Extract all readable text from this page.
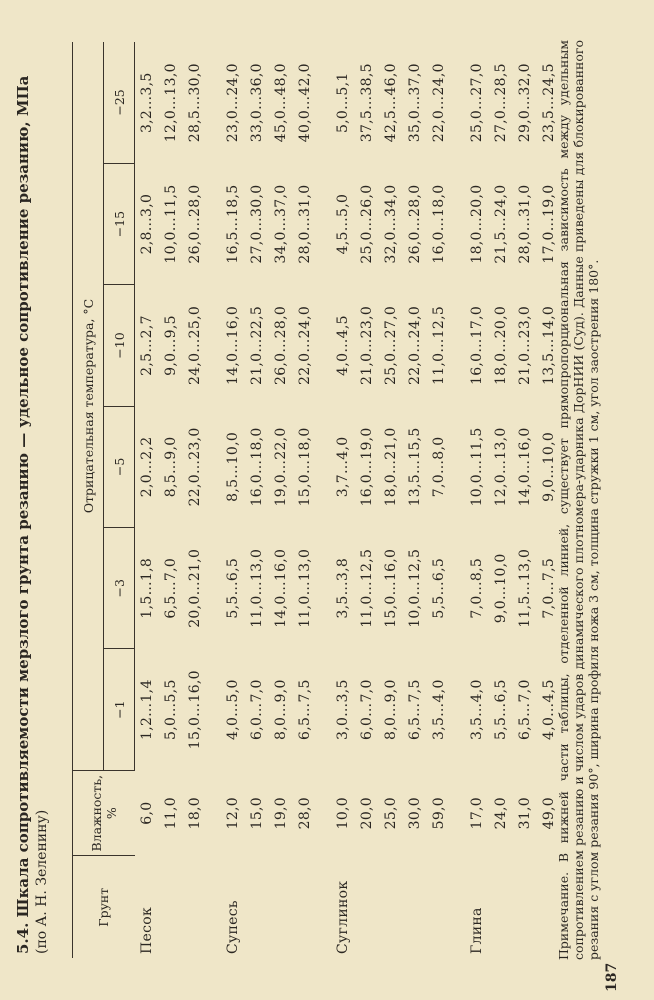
5.4. Шкала сопротивляемости мерзлого грунта резанию — удельное сопротивление резанию, МПа (по А. Н. Зеленину)	Грунт	Влажность, %	Отрицательная температура, °С					
		−1	−3	−5	−10	−15	−25
Песок	6,0	1,2…1,4	1,5…1,8	2,0…2,2	2,5…2,7	2,8…3,0	3,2…3,5
	11,0	5,0…5,5	6,5…7,0	8,5…9,0	9,0…9,5	10,0…11,5	12,0…13,0
	18,0	15,0…16,0	20,0…21,0	22,0…23,0	24,0…25,0	26,0…28,0	28,5…30,0
Супесь	12,0	4,0…5,0	5,5…6,5	8,5…10,0	14,0…16,0	16,5…18,5	23,0…24,0
	15,0	6,0…7,0	11,0…13,0	16,0…18,0	21,0…22,5	27,0…30,0	33,0…36,0
	19,0	8,0…9,0	14,0…16,0	19,0…22,0	26,0…28,0	34,0…37,0	45,0…48,0
	28,0	6,5…7,5	11,0…13,0	15,0…18,0	22,0…24,0	28,0…31,0	40,0…42,0
Суглинок	10,0	3,0…3,5	3,5…3,8	3,7…4,0	4,0…4,5	4,5…5,0	5,0…5,1
	20,0	6,0…7,0	11,0…12,5	16,0…19,0	21,0…23,0	25,0…26,0	37,5…38,5
	25,0	8,0…9,0	15,0…16,0	18,0…21,0	25,0…27,0	32,0…34,0	42,5…46,0
	30,0	6,5…7,5	10,0…12,5	13,5…15,5	22,0…24,0	26,0…28,0	35,0…37,0
	59,0	3,5…4,0	5,5…6,5	7,0…8,0	11,0…12,5	16,0…18,0	22,0…24,0
Глина	17,0	3,5…4,0	7,0…8,5	10,0…11,5	16,0…17,0	18,0…20,0	25,0…27,0
	24,0	5,5…6,5	9,0…10,0	12,0…13,0	18,0…20,0	21,5…24,0	27,0…28,5
	31,0	6,5…7,0	11,5…13,0	14,0…16,0	21,0…23,0	28,0…31,0	29,0…32,0
	49,0	4,0…4,5	7,0…7,5	9,0…10,0	13,5…14,0	17,0…19,0	23,5…24,5 Примечание. В нижней части таблицы, отделенной линией, существует прямопропорциональная зависимость между удельным сопротивлением резанию и числом ударов динамического плотномера-ударника ДорНИИ (Суд). Данные приведены для блокированного резания с углом резания 90°, ширина профиля ножа 3 см, толщина стружки 1 см, угол заострения 180°.
187
